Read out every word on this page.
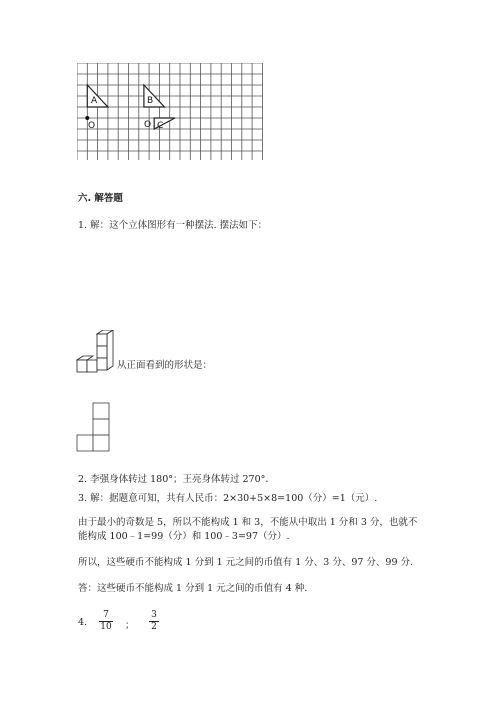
A	B
C
O	O
六. 解答题
1. 解：这个立体图形有一种摆法. 摆法如下：
从正面看到的形状是：
2. 李强身体转过 180°；王亮身体转过 270°．
3. 解：据题意可知，共有人民币：2×30+5×8=100（分）=1（元）.
由于最小的奇数是 5，所以不能构成 1 和 3，不能从中取出 1 分和 3 分，也就不
能构成 100﹣1=99（分）和 100﹣3=97（分）.
所以，这些硬币不能构成 1 分到 1 元之间的币值有 1 分、3 分、97 分、99 分.
答：这些硬币不能构成 1 分到 1 元之间的币值有 4 种.
4. $\frac{7}{10}$ ； $\frac{3}{2}$
